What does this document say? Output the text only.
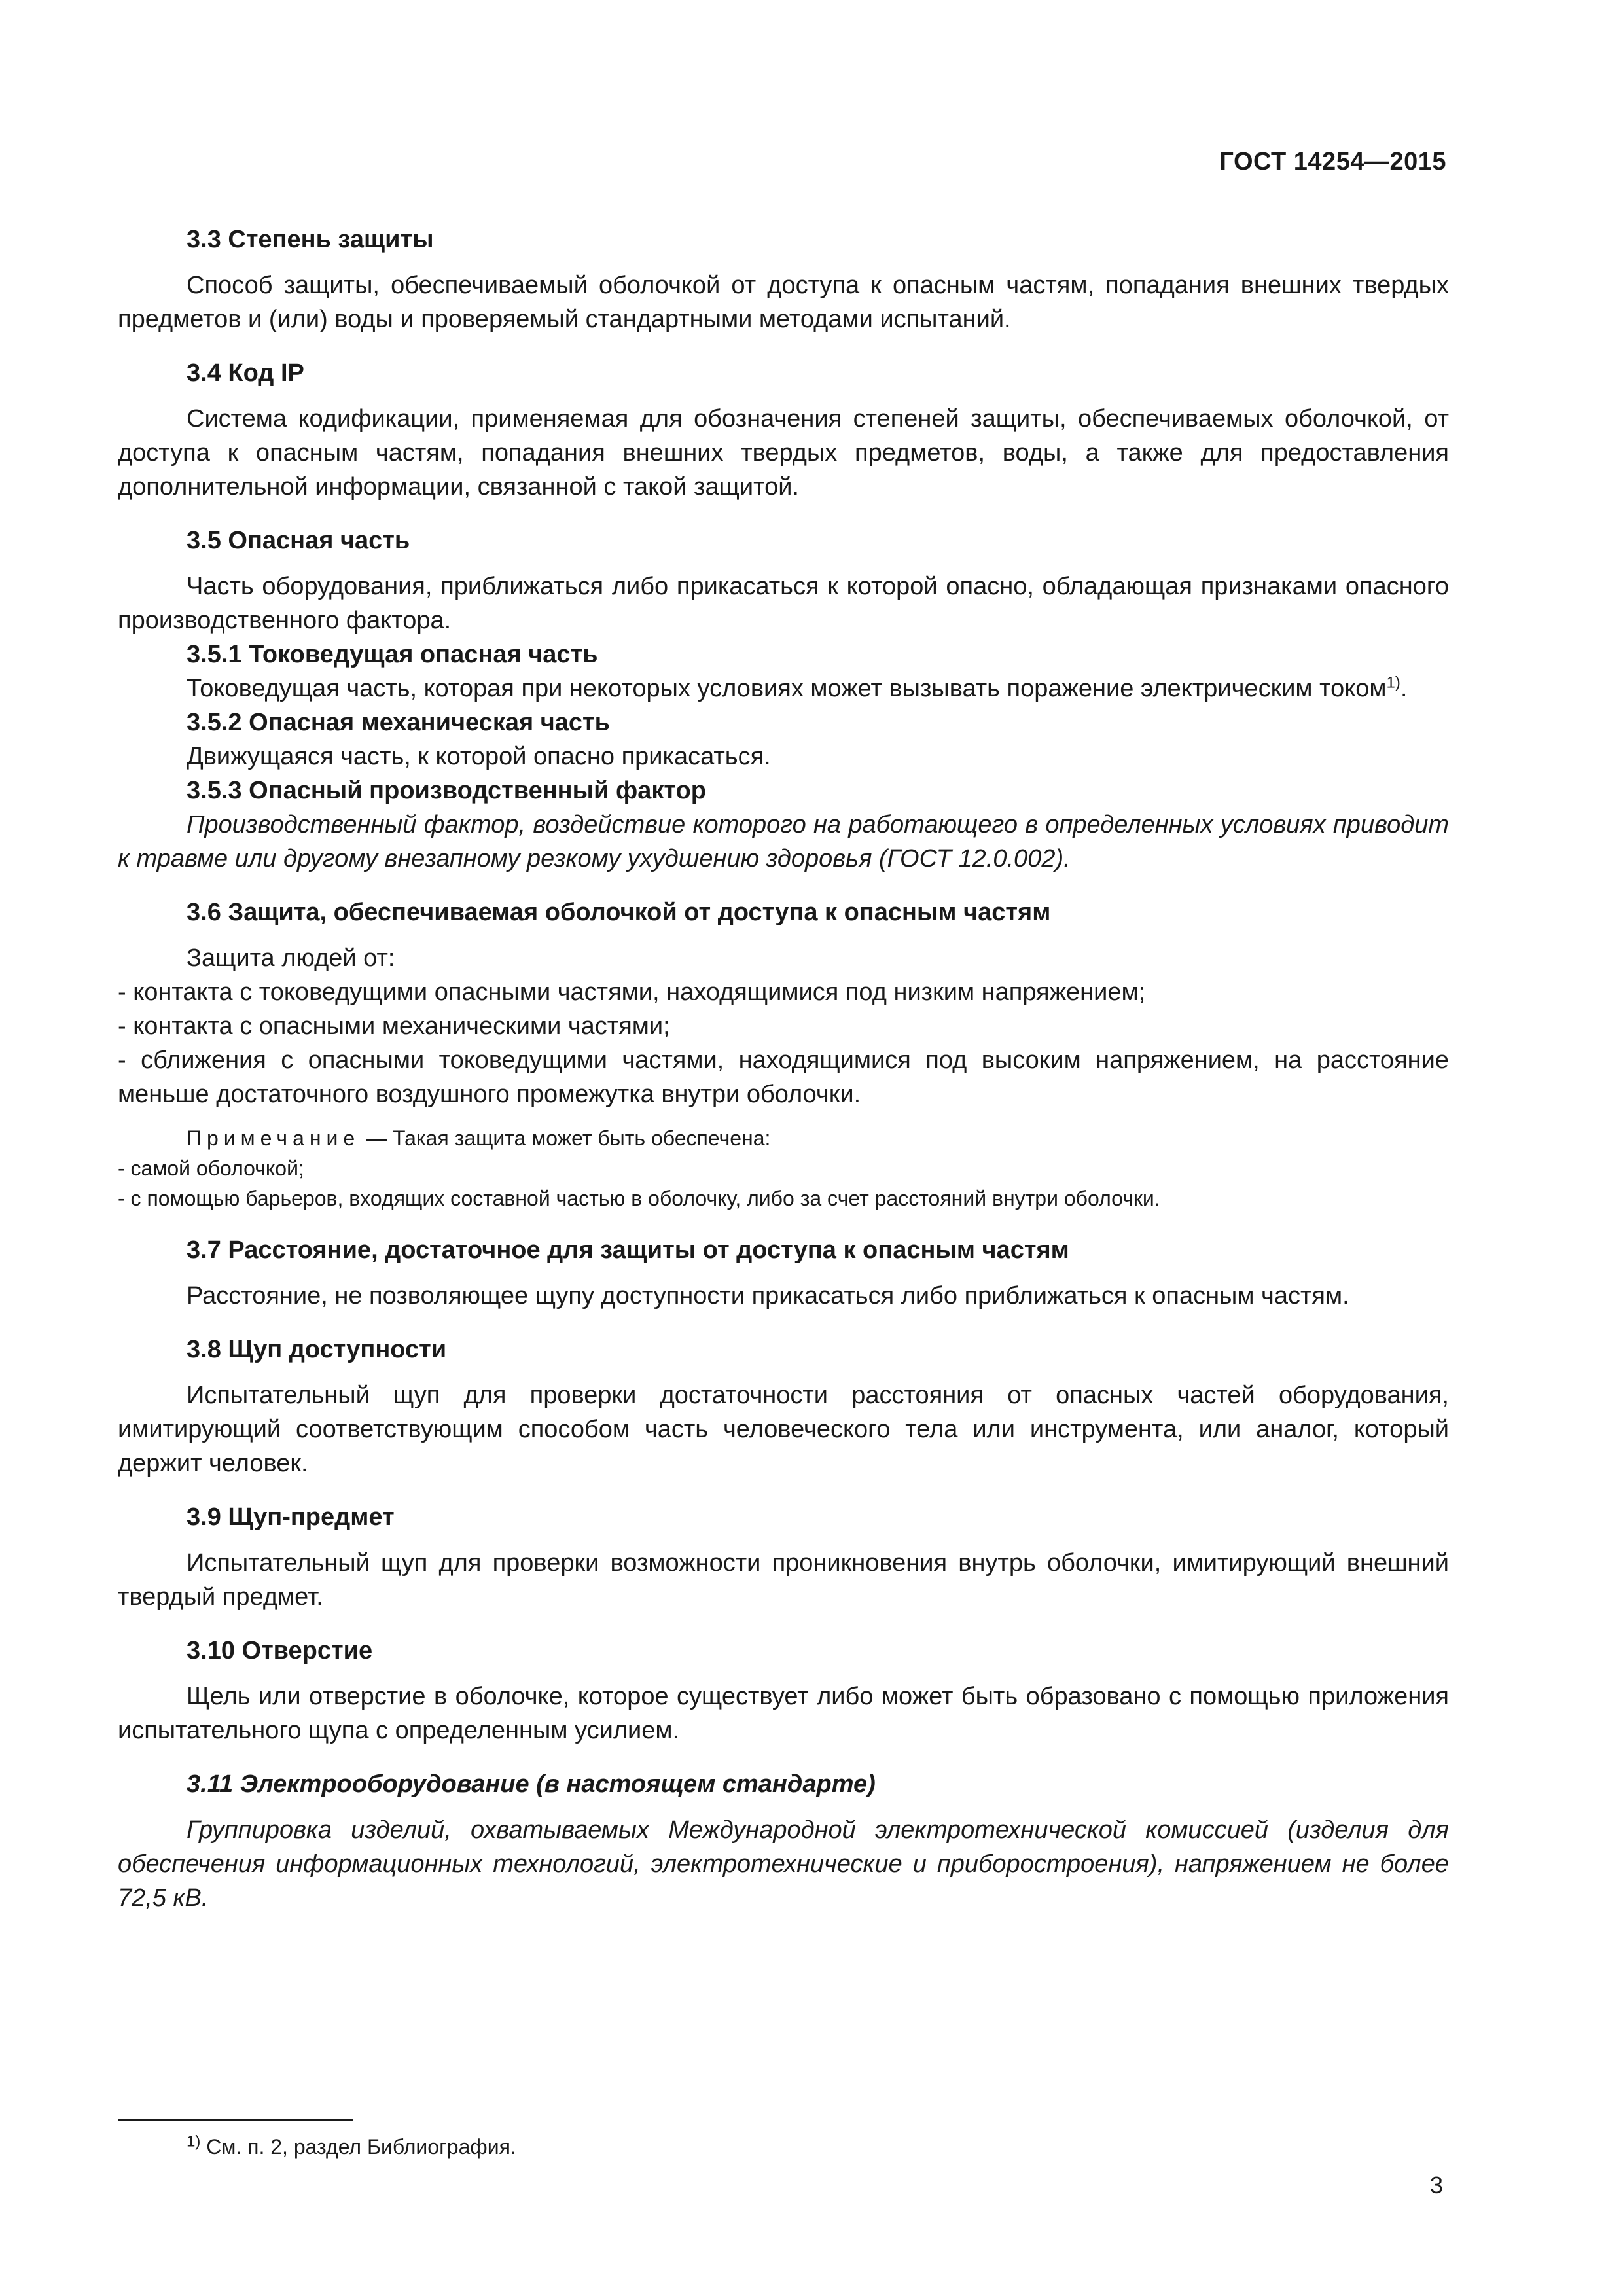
ГОСТ 14254—2015
3.3 Степень защиты
Способ защиты, обеспечиваемый оболочкой от доступа к опасным частям, попадания внешних твердых предметов и (или) воды и проверяемый стандартными методами испытаний.
3.4 Код IP
Система кодификации, применяемая для обозначения степеней защиты, обеспечиваемых оболочкой, от доступа к опасным частям, попадания внешних твердых предметов, воды, а также для предоставления дополнительной информации, связанной с такой защитой.
3.5 Опасная часть
Часть оборудования, приближаться либо прикасаться к которой опасно, обладающая признаками опасного производственного фактора.
3.5.1 Токоведущая опасная часть
Токоведущая часть, которая при некоторых условиях может вызывать поражение электрическим током$^{1)}$.
3.5.2 Опасная механическая часть
Движущаяся часть, к которой опасно прикасаться.
3.5.3 Опасный производственный фактор
Производственный фактор, воздействие которого на работающего в определенных условиях приводит к травме или другому внезапному резкому ухудшению здоровья (ГОСТ 12.0.002).
3.6 Защита, обеспечиваемая оболочкой от доступа к опасным частям
Защита людей от:
- контакта с токоведущими опасными частями, находящимися под низким напряжением;
- контакта с опасными механическими частями;
- сближения с опасными токоведущими частями, находящимися под высоким напряжением, на расстояние меньше достаточного воздушного промежутка внутри оболочки.
Примечание — Такая защита может быть обеспечена:
- самой оболочкой;
- с помощью барьеров, входящих составной частью в оболочку, либо за счет расстояний внутри оболочки.
3.7 Расстояние, достаточное для защиты от доступа к опасным частям
Расстояние, не позволяющее щупу доступности прикасаться либо приближаться к опасным частям.
3.8 Щуп доступности
Испытательный щуп для проверки достаточности расстояния от опасных частей оборудования, имитирующий соответствующим способом часть человеческого тела или инструмента, или аналог, который держит человек.
3.9 Щуп-предмет
Испытательный щуп для проверки возможности проникновения внутрь оболочки, имитирующий внешний твердый предмет.
3.10 Отверстие
Щель или отверстие в оболочке, которое существует либо может быть образовано с помощью приложения испытательного щупа с определенным усилием.
3.11 Электрооборудование (в настоящем стандарте)
Группировка изделий, охватываемых Международной электротехнической комиссией (изделия для обеспечения информационных технологий, электротехнические и приборостроения), напряжением не более 72,5 кВ.
$^{1)}$ См. п. 2, раздел Библиография.
3
